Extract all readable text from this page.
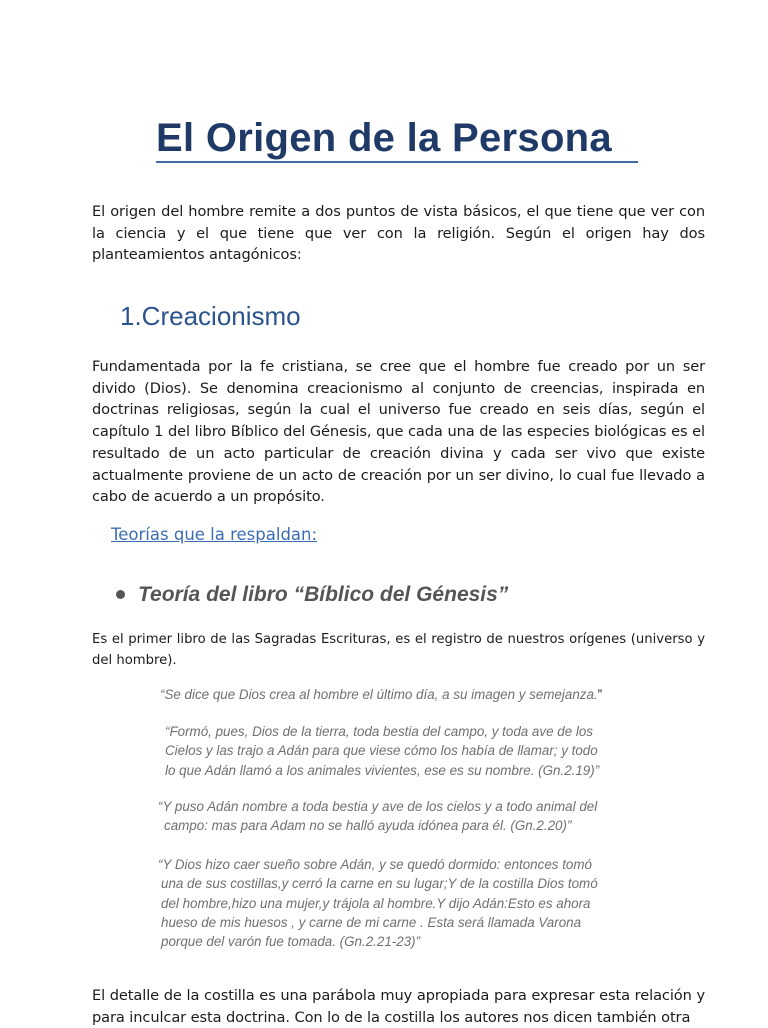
El Origen de la Persona
El origen del hombre remite a dos puntos de vista básicos, el que tiene que ver con la ciencia y el que tiene que ver con la religión. Según el origen hay dos planteamientos antagónicos:
1.Creacionismo
Fundamentada por la fe cristiana, se cree que el hombre fue creado por un ser divido (Dios). Se denomina creacionismo al conjunto de creencias, inspirada en doctrinas religiosas, según la cual el universo fue creado en seis días, según el capítulo 1 del libro Bíblico del Génesis, que cada una de las especies biológicas es el resultado de un acto particular de creación divina y cada ser vivo que existe actualmente proviene de un acto de creación por un ser divino, lo cual fue llevado a cabo de acuerdo a un propósito.
Teorías que la respaldan:
Teoría del libro “Bíblico del Génesis”
Es el primer libro de las Sagradas Escrituras, es el registro de nuestros orígenes (universo y del hombre).
“Se dice que Dios crea al hombre el último día, a su imagen y semejanza.”
“Formó, pues, Dios de la tierra, toda bestia del campo, y toda ave de los
Cielos y las trajo a Adán para que viese cómo los había de llamar; y todo
lo que Adán llamó a los animales vivientes, ese es su nombre. (Gn.2.19)”
“Y puso Adán nombre a toda bestia y ave de los cielos y a todo animal del
campo: mas para Adam no se halló ayuda idónea para él. (Gn.2.20)”
“Y Dios hizo caer sueño sobre Adán, y se quedó dormido: entonces tomó
una de sus costillas,y cerró la carne en su lugar;Y de la costilla Dios tomó
del hombre,hizo una mujer,y trájola al hombre.Y dijo Adán:Esto es ahora
hueso de mis huesos , y carne de mi carne . Esta será llamada Varona
porque del varón fue tomada. (Gn.2.21-23)”
El detalle de la costilla es una parábola muy apropiada para expresar esta relación y para inculcar esta doctrina. Con lo de la costilla los autores nos dicen también otra
